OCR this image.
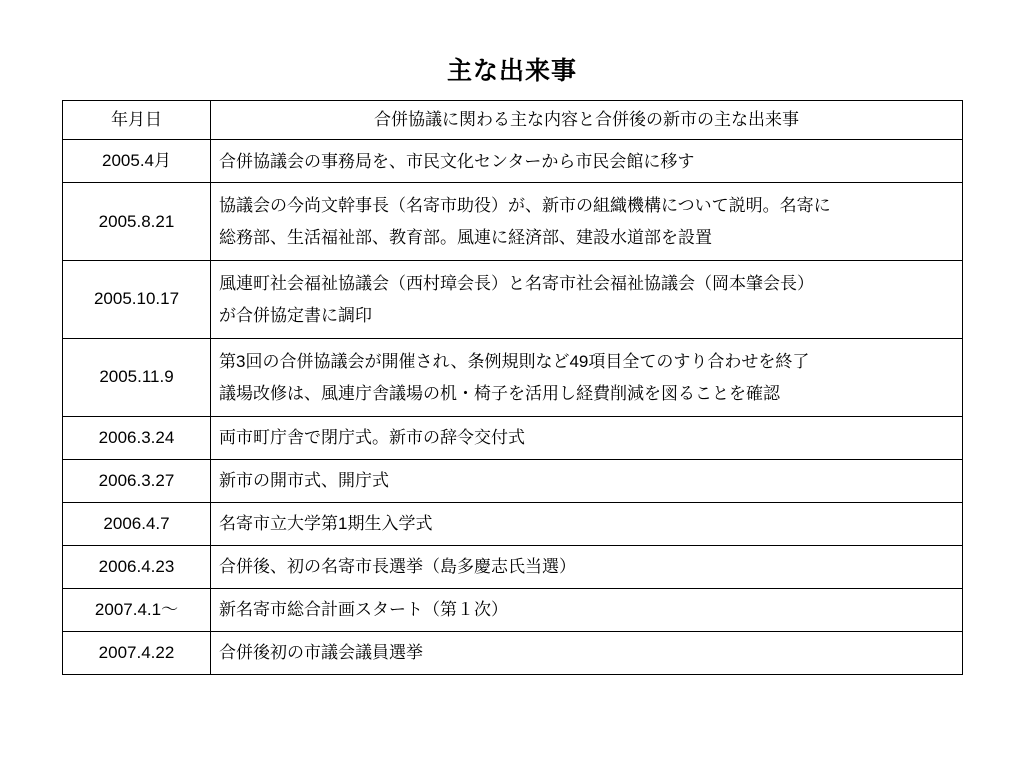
主な出来事
年月日	合併協議に関わる主な内容と合併後の新市の主な出来事
2005.4月	合併協議会の事務局を、市民文化センターから市民会館に移す

2005.8.21	協議会の今尚文幹事長（名寄市助役）が、新市の組織機構について説明。名寄に
総務部、生活福祉部、教育部。風連に経済部、建設水道部を設置

2005.10.17	風連町社会福祉協議会（西村璋会長）と名寄市社会福祉協議会（岡本肇会長）
が合併協定書に調印

2005.11.9	第3回の合併協議会が開催され、条例規則など49項目全てのすり合わせを終了
議場改修は、風連庁舎議場の机・椅子を活用し経費削減を図ることを確認

2006.3.24	両市町庁舎で閉庁式。新市の辞令交付式

2006.3.27	新市の開市式、開庁式

2006.4.7	名寄市立大学第1期生入学式

2006.4.23	合併後、初の名寄市長選挙（島多慶志氏当選）

2007.4.1〜	新名寄市総合計画スタート（第１次）

2007.4.22	合併後初の市議会議員選挙
